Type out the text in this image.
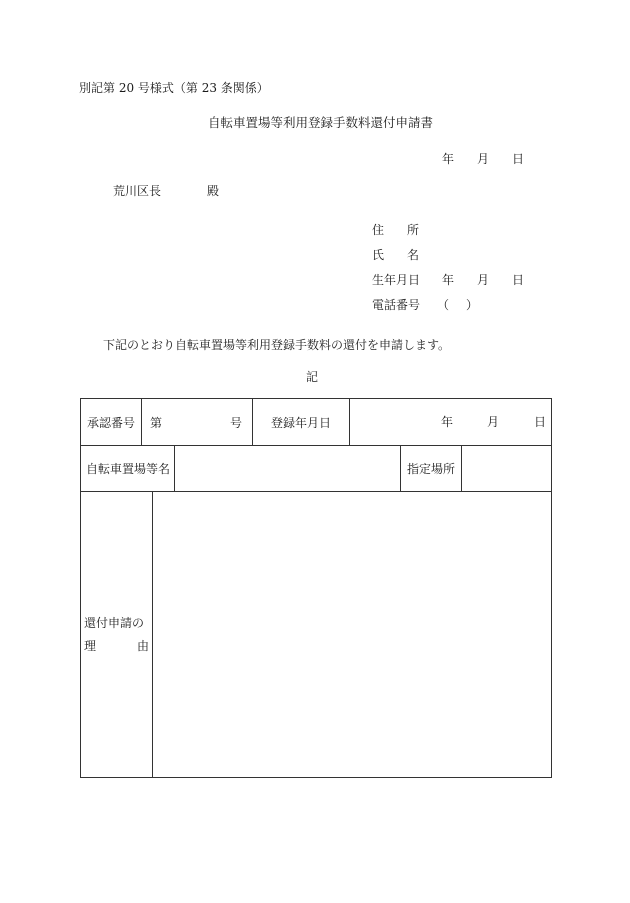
別記第 20 号様式（第 23 条関係）
自転車置場等利用登録手数料還付申請書
年 月 日
荒川区長	殿
住 所
氏 名
生年月日 年 月 日
電話番号 （ ）
下記のとおり自転車置場等利用登録手数料の還付を申請します。
記
承認番号	第 号			登録年月日	年 月 日		

自転車置場等名						指定場所	

還付申請の
理 由							
